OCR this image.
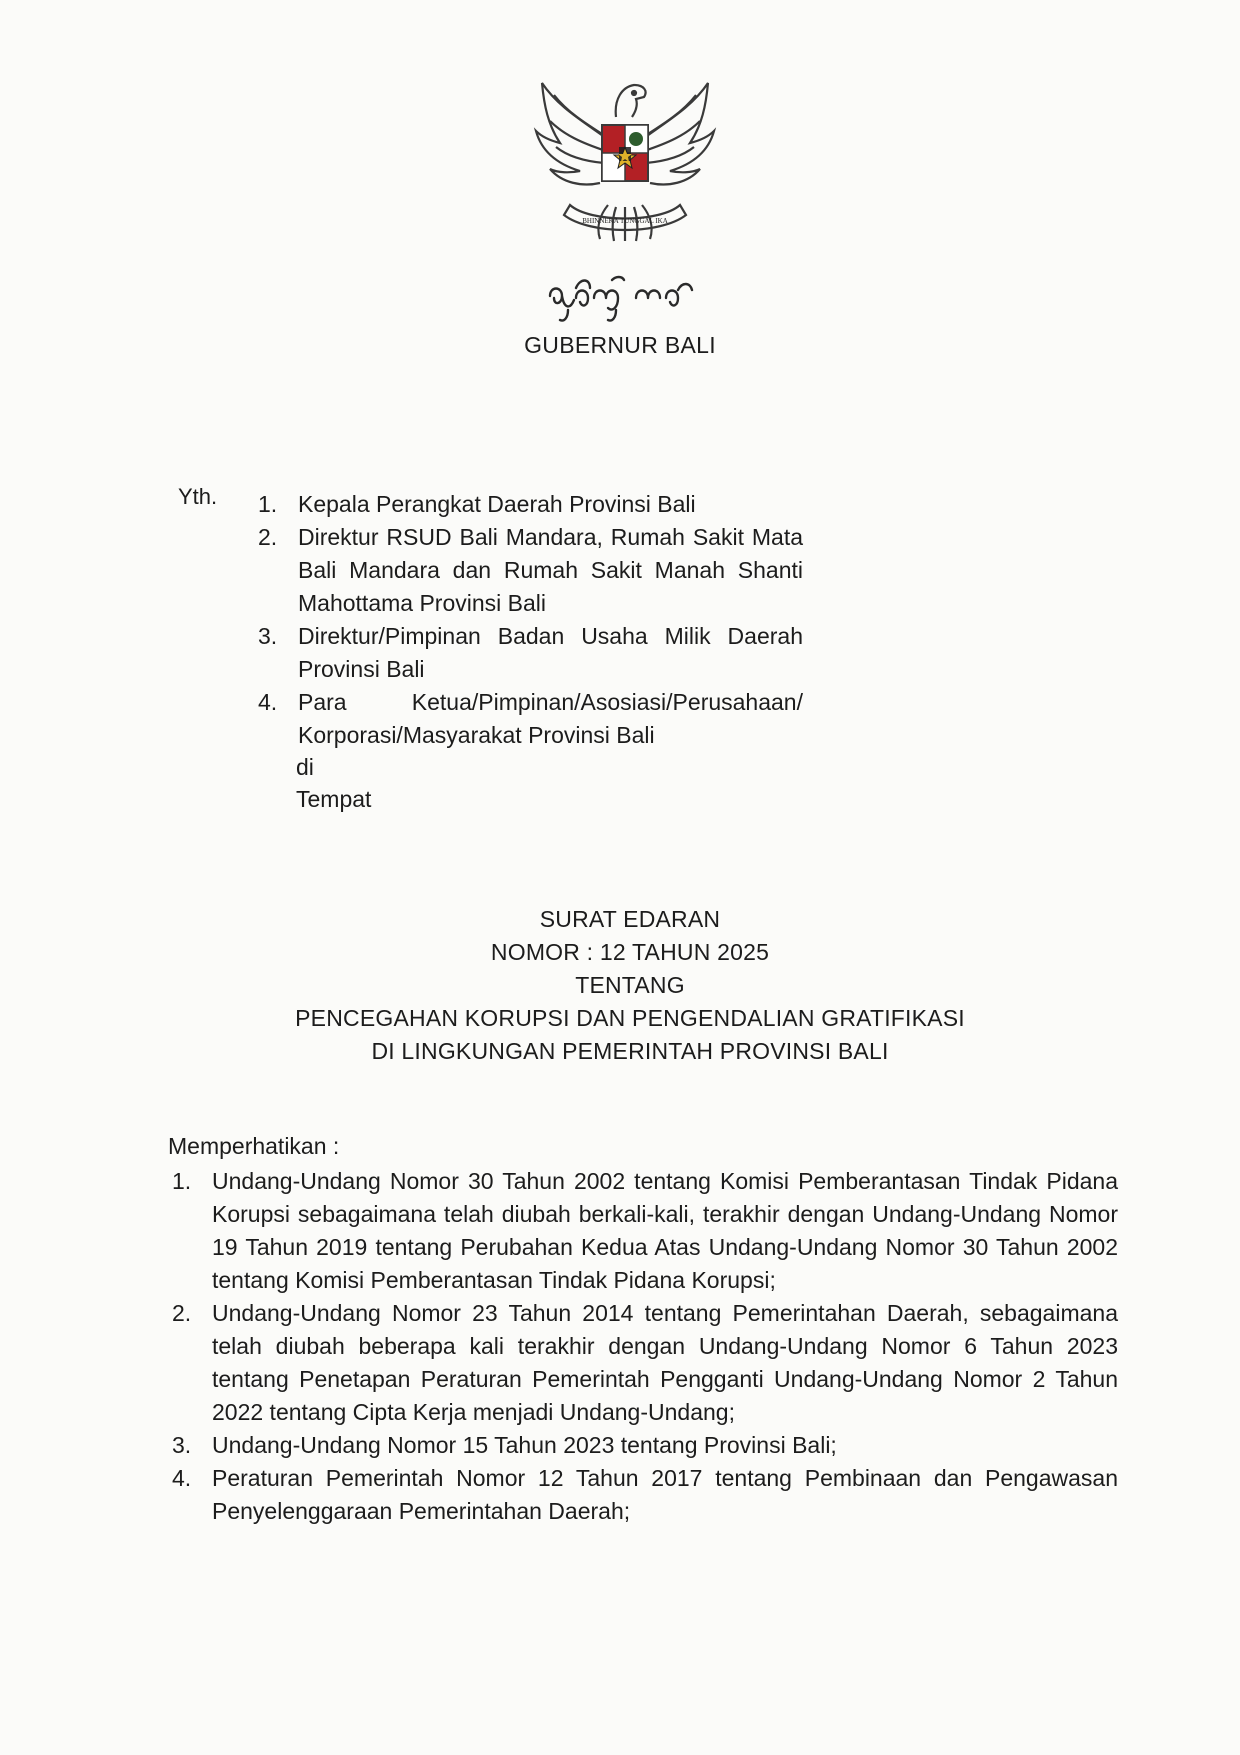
BHINNEKA TUNGGAL IKA
GUBERNUR BALI
Yth. 1. Kepala Perangkat Daerah Provinsi Bali
2. Direktur RSUD Bali Mandara, Rumah Sakit Mata Bali Mandara dan Rumah Sakit Manah Shanti Mahottama Provinsi Bali
3. Direktur/Pimpinan Badan Usaha Milik Daerah Provinsi Bali
4. Para Ketua/Pimpinan/Asosiasi/Perusahaan/ Korporasi/Masyarakat Provinsi Bali
di
Tempat
SURAT EDARAN
NOMOR : 12 TAHUN 2025
TENTANG
PENCEGAHAN KORUPSI DAN PENGENDALIAN GRATIFIKASI
DI LINGKUNGAN PEMERINTAH PROVINSI BALI
Memperhatikan :
1. Undang-Undang Nomor 30 Tahun 2002 tentang Komisi Pemberantasan Tindak Pidana Korupsi sebagaimana telah diubah berkali-kali, terakhir dengan Undang-Undang Nomor 19 Tahun 2019 tentang Perubahan Kedua Atas Undang-Undang Nomor 30 Tahun 2002 tentang Komisi Pemberantasan Tindak Pidana Korupsi;
2. Undang-Undang Nomor 23 Tahun 2014 tentang Pemerintahan Daerah, sebagaimana telah diubah beberapa kali terakhir dengan Undang-Undang Nomor 6 Tahun 2023 tentang Penetapan Peraturan Pemerintah Pengganti Undang-Undang Nomor 2 Tahun 2022 tentang Cipta Kerja menjadi Undang-Undang;
3. Undang-Undang Nomor 15 Tahun 2023 tentang Provinsi Bali;
4. Peraturan Pemerintah Nomor 12 Tahun 2017 tentang Pembinaan dan Pengawasan Penyelenggaraan Pemerintahan Daerah;
